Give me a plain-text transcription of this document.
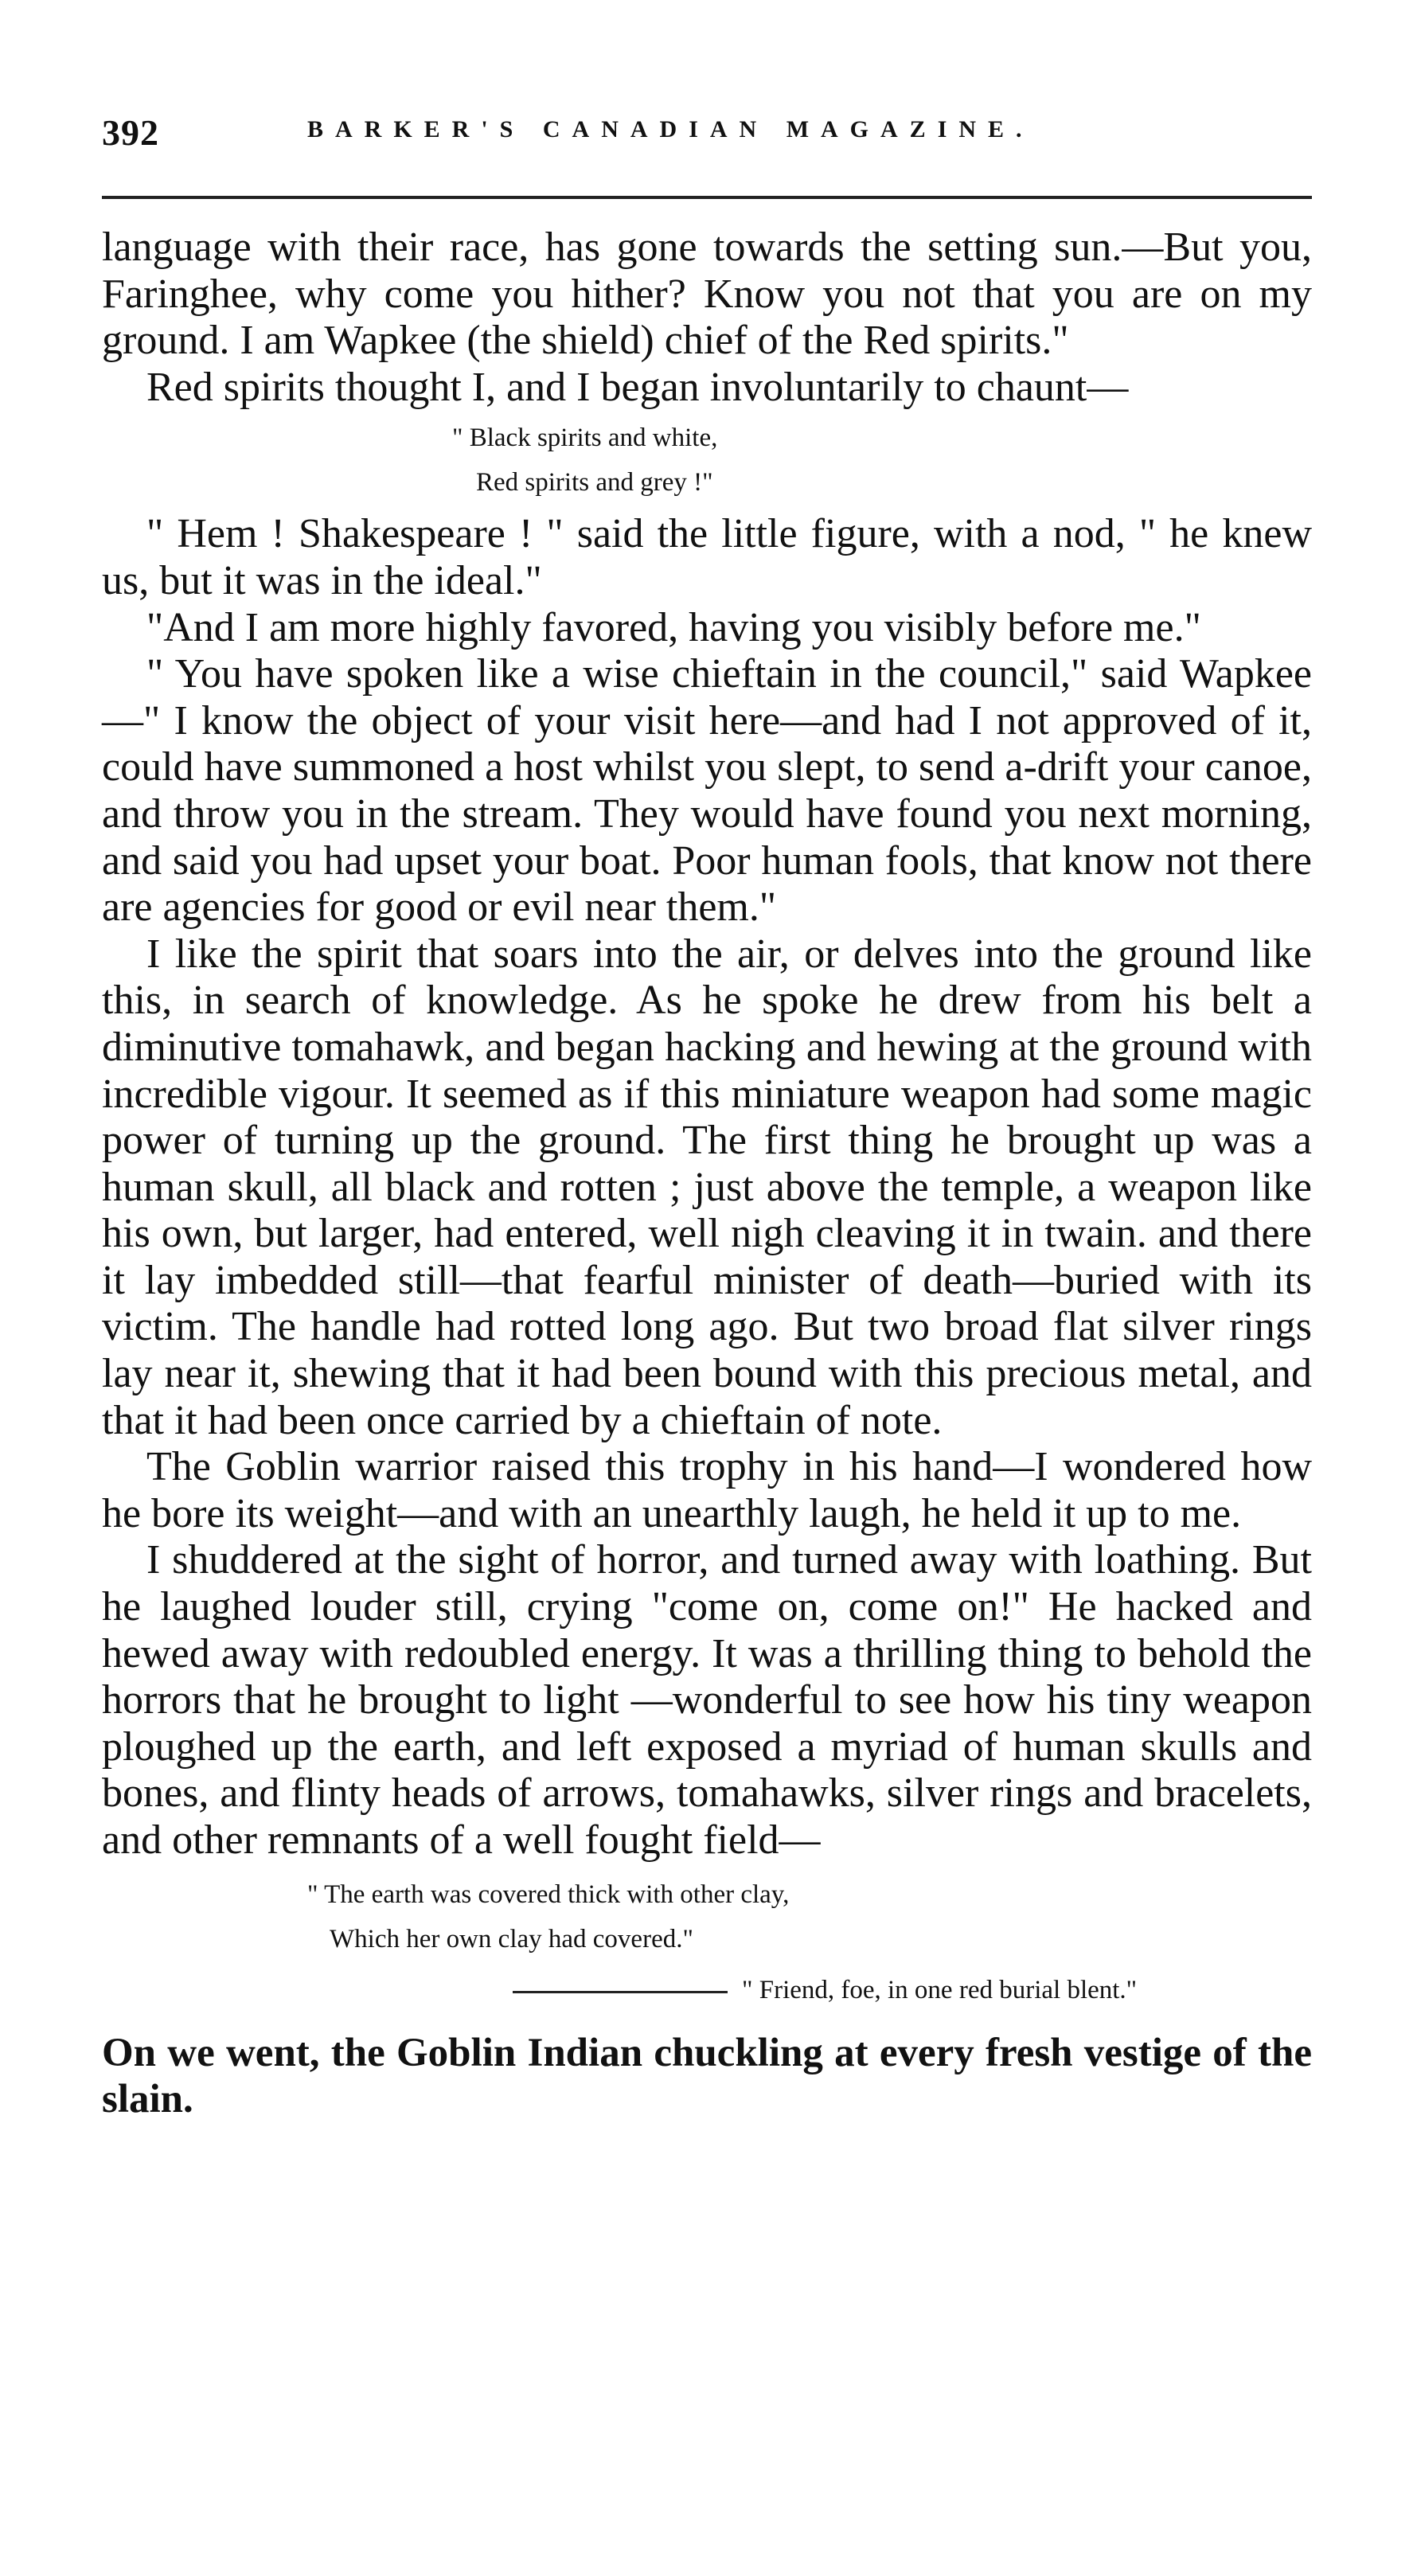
392	BARKER'S CANADIAN MAGAZINE.

language with their race, has gone towards the setting sun.—But you, Faringhee, why come you hither? Know you not that you are on my ground. I am Wapkee (the shield) chief of the Red spirits."

Red spirits thought I, and I began involuntarily to chaunt—

" Black spirits and white,
Red spirits and grey !"

" Hem ! Shakespeare ! " said the little figure, with a nod, " he knew us, but it was in the ideal."

"And I am more highly favored, having you visibly before me."

" You have spoken like a wise chieftain in the council," said Wapkee—" I know the object of your visit here—and had I not approved of it, could have summoned a host whilst you slept, to send a-drift your canoe, and throw you in the stream. They would have found you next morning, and said you had upset your boat. Poor human fools, that know not there are agencies for good or evil near them."

I like the spirit that soars into the air, or delves into the ground like this, in search of knowledge. As he spoke he drew from his belt a diminutive tomahawk, and began hacking and hewing at the ground with incredible vigour. It seemed as if this miniature weapon had some magic power of turning up the ground. The first thing he brought up was a human skull, all black and rotten ; just above the temple, a weapon like his own, but larger, had entered, well nigh cleaving it in twain. and there it lay imbedded still—that fearful minister of death—buried with its victim. The handle had rotted long ago. But two broad flat silver rings lay near it, shewing that it had been bound with this precious metal, and that it had been once carried by a chieftain of note.

The Goblin warrior raised this trophy in his hand—I wondered how he bore its weight—and with an unearthly laugh, he held it up to me.

I shuddered at the sight of horror, and turned away with loathing. But he laughed louder still, crying "come on, come on!" He hacked and hewed away with redoubled energy. It was a thrilling thing to behold the horrors that he brought to light —wonderful to see how his tiny weapon ploughed up the earth, and left exposed a myriad of human skulls and bones, and flinty heads of arrows, tomahawks, silver rings and bracelets, and other remnants of a well fought field—

" The earth was covered thick with other clay,
Which her own clay had covered."
" Friend, foe, in one red burial blent."

On we went, the Goblin Indian chuckling at every fresh vestige of the slain.
